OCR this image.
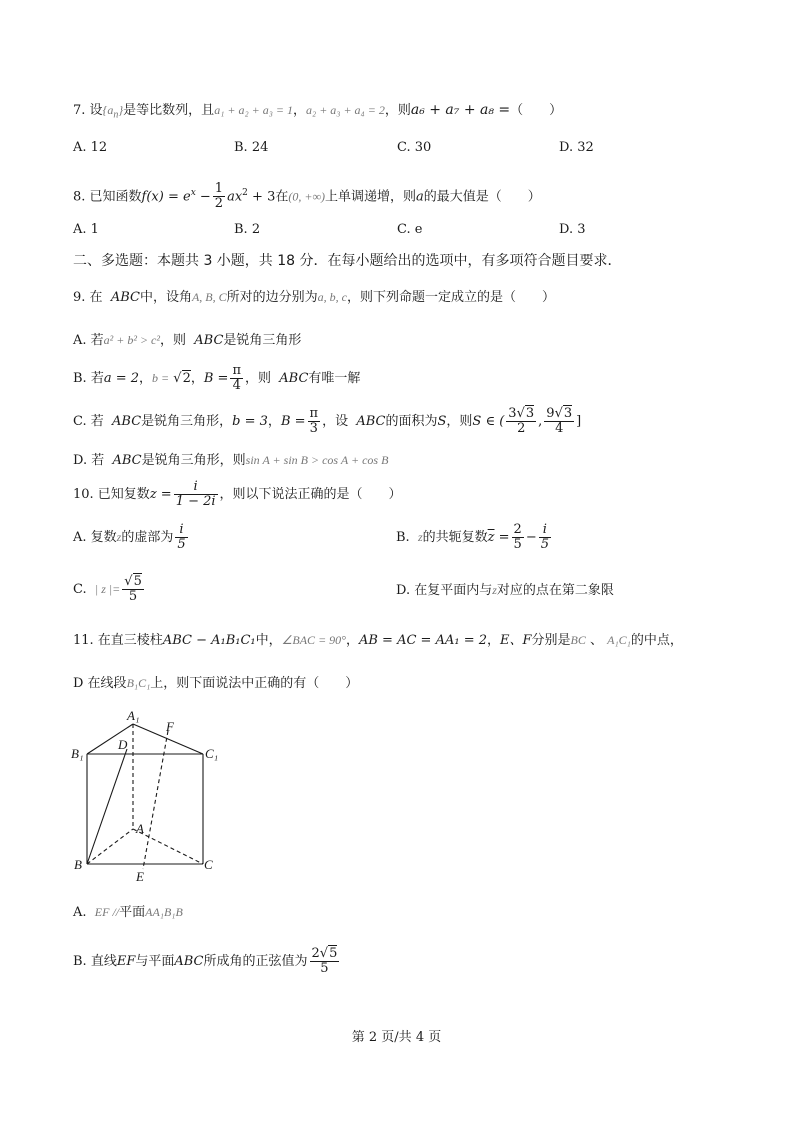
7. 设$\{a_n\}$是等比数列，且a₁ + a₂ + a₃ = 1，a₂ + a₃ + a₄ = 2，则a₆ + a₇ + a₈ =（　　）
A. 12	B. 24	C. 30	D. 32
8. 已知函数$f(x) = e^x - \frac{1}{2} ax^2 + 3$在(0, +∞)上单调递增，则a的最大值是（　　）
A. 1	B. 2	C. e	D. 3
二、多选题：本题共 3 小题，共 18 分．在每小题给出的选项中，有多项符合题目要求．
9. 在 ABC中，设角A, B, C所对的边分别为a, b, c，则下列命题一定成立的是（　　）
A. 若a² + b² > c²，则 ABC是锐角三角形
B. 若a = 2，b = √2，$B = \frac{\pi}{4}$ ，则 ABC有唯一解
C. 若 ABC是锐角三角形，b = 3，$B = \frac{\pi}{3}$ ，设 ABC的面积为S，则S ∈ ( $\frac{3√3}{2}$ , $\frac{9√3}{4}$ ]
D. 若 ABC是锐角三角形，则sin A + sin B > cos A + cos B
10. 已知复数$z = \frac{i}{1 - 2i}$ ，则以下说法正确的是（　　）
A. 复数z的虚部为 $\frac{i}{5}$	B. z的共轭复数$\overline{z} = \frac{2}{5} - \frac{i}{5}$
C. | z |= $\frac{√5}{5}$	D. 在复平面内与z对应的点在第二象限
11. 在直三棱柱ABC − A₁B₁C₁中，∠BAC = 90°，AB = AC = AA₁ = 2，E、F分别是BC 、 A₁C₁的中点，
D 在线段B₁C₁上，则下面说法中正确的有（　　）
A₁
B₁	C₁
D
F
A
B	C
E
A. EF //平面AA₁B₁B
B. 直线EF与平面ABC所成角的正弦值为 $\frac{2√5}{5}$
第 2 页/共 4 页
